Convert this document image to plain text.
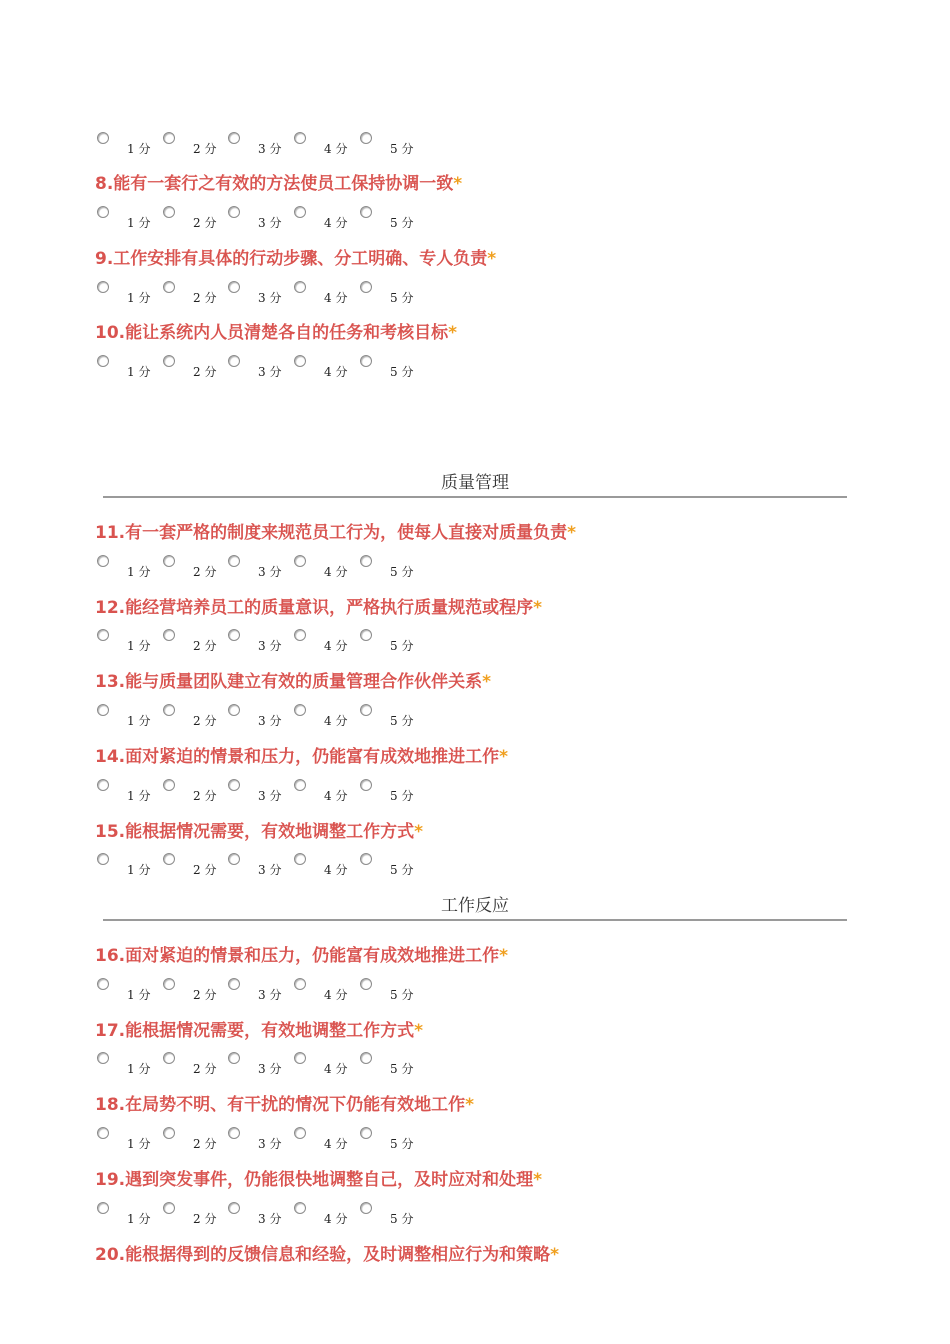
1 分	2 分	3 分	4 分	5 分
8.能有一套行之有效的方法使员工保持协调一致*
1 分	2 分	3 分	4 分	5 分
9.工作安排有具体的行动步骤、分工明确、专人负责*
1 分	2 分	3 分	4 分	5 分
10.能让系统内人员清楚各自的任务和考核目标*
1 分	2 分	3 分	4 分	5 分
11.有一套严格的制度来规范员工行为，使每人直接对质量负责*
1 分	2 分	3 分	4 分	5 分
12.能经营培养员工的质量意识，严格执行质量规范或程序*
1 分	2 分	3 分	4 分	5 分
13.能与质量团队建立有效的质量管理合作伙伴关系*
1 分	2 分	3 分	4 分	5 分
14.面对紧迫的情景和压力，仍能富有成效地推进工作*
1 分	2 分	3 分	4 分	5 分
15.能根据情况需要，有效地调整工作方式*
1 分	2 分	3 分	4 分	5 分
16.面对紧迫的情景和压力，仍能富有成效地推进工作*
1 分	2 分	3 分	4 分	5 分
17.能根据情况需要，有效地调整工作方式*
1 分	2 分	3 分	4 分	5 分
18.在局势不明、有干扰的情况下仍能有效地工作*
1 分	2 分	3 分	4 分	5 分
19.遇到突发事件，仍能很快地调整自己，及时应对和处理*
1 分	2 分	3 分	4 分	5 分
20.能根据得到的反馈信息和经验，及时调整相应行为和策略*
质量管理
工作反应
